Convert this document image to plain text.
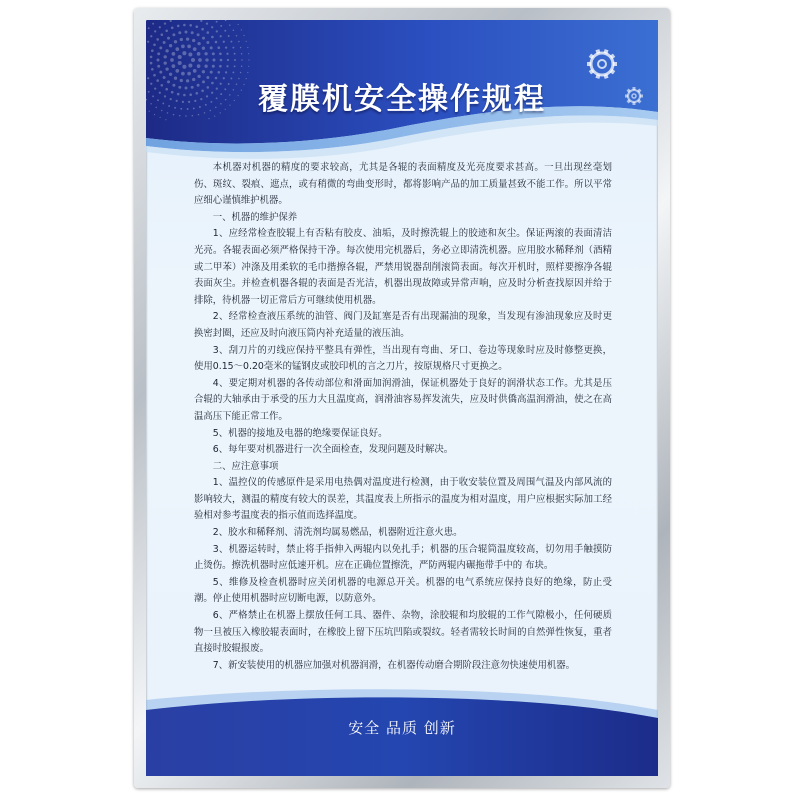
覆膜机安全操作规程

本机器对机器的精度的要求较高，尤其是各辊的表面精度及光亮度要求甚高。一旦出现丝毫划伤、斑纹、裂痕、遮点，或有稍微的弯曲变形时，都将影响产品的加工质量甚致不能工作。所以平常应细心谨慎维护机器。

一、机器的维护保养

1、应经常检查胶辊上有否粘有胶皮、油垢，及时擦洗辊上的胶迹和灰尘。保证两滚的表面清洁光亮。各辊表面必须严格保持干净。每次使用完机器后，务必立即清洗机器。应用胶水稀释剂（酒精或二甲苯）冲涤及用柔软的毛巾揩擦各辊，严禁用锐器刮削滚筒表面。每次开机时，照样要擦净各辊表面灰尘。并检查机器各辊的表面是否光洁，机器出现故障或异常声响，应及时分析查找原因并给于排除，待机器一切正常后方可继续使用机器。

2、经常检查液压系统的油管、阀门及缸塞是否有出现漏油的现象，当发现有渗油现象应及时更换密封圈，还应及时向液压筒内补充适量的液压油。

3、刮刀片的刃线应保持平整具有弹性，当出现有弯曲、牙口、卷边等现象时应及时修整更换，使用0.15～0.20毫米的锰钢皮或胶印机的言之刀片，按原规格尺寸更换之。

4、要定期对机器的各传动部位和滑面加润滑油，保证机器处于良好的润滑状态工作。尤其是压合辊的大轴承由于承受的压力大且温度高，润滑油容易挥发流失，应及时供僑高温润滑油，使之在高温高压下能正常工作。

5、机器的接地及电器的绝缘要保证良好。

6、每年要对机器进行一次全面检查，发现问题及时解决。

二、应注意事项

1、温控仪的传感原件是采用电热偶对温度进行检测，由于收安装位置及周围气温及内部风流的影响较大，测温的精度有较大的误差，其温度表上所指示的温度为相对温度，用户应根据实际加工经验相对参考温度表的指示值而选择温度。

2、胶水和稀释剂、清洗剂均属易燃品，机器附近注意火患。

3、机器运转时，禁止将手指伸入两辊内以免扎手；机器的压合辊筒温度较高，切勿用手触摸防止烫伤。擦洗机器时应低速开机。应在正确位置擦洗，严防两辊内碾拖带手中的 布块。

5、维修及检查机器时应关闭机器的电源总开关。机器的电气系统应保持良好的绝缘，防止受潮。停止使用机器时应切断电源，以防意外。

6、严格禁止在机器上摆放任何工具、器件、杂物，涂胶辊和均胶辊的工作气隙极小，任何硬质物一旦被压入橡胶辊表面时，在橡胶上留下压坑凹陷或裂纹。轻者需较长时间的自然弹性恢复，重者直接时胶辊报废。

7、新安装使用的机器应加强对机器润滑，在机器传动磨合期阶段注意勿快速使用机器。

安全 品质 创新
